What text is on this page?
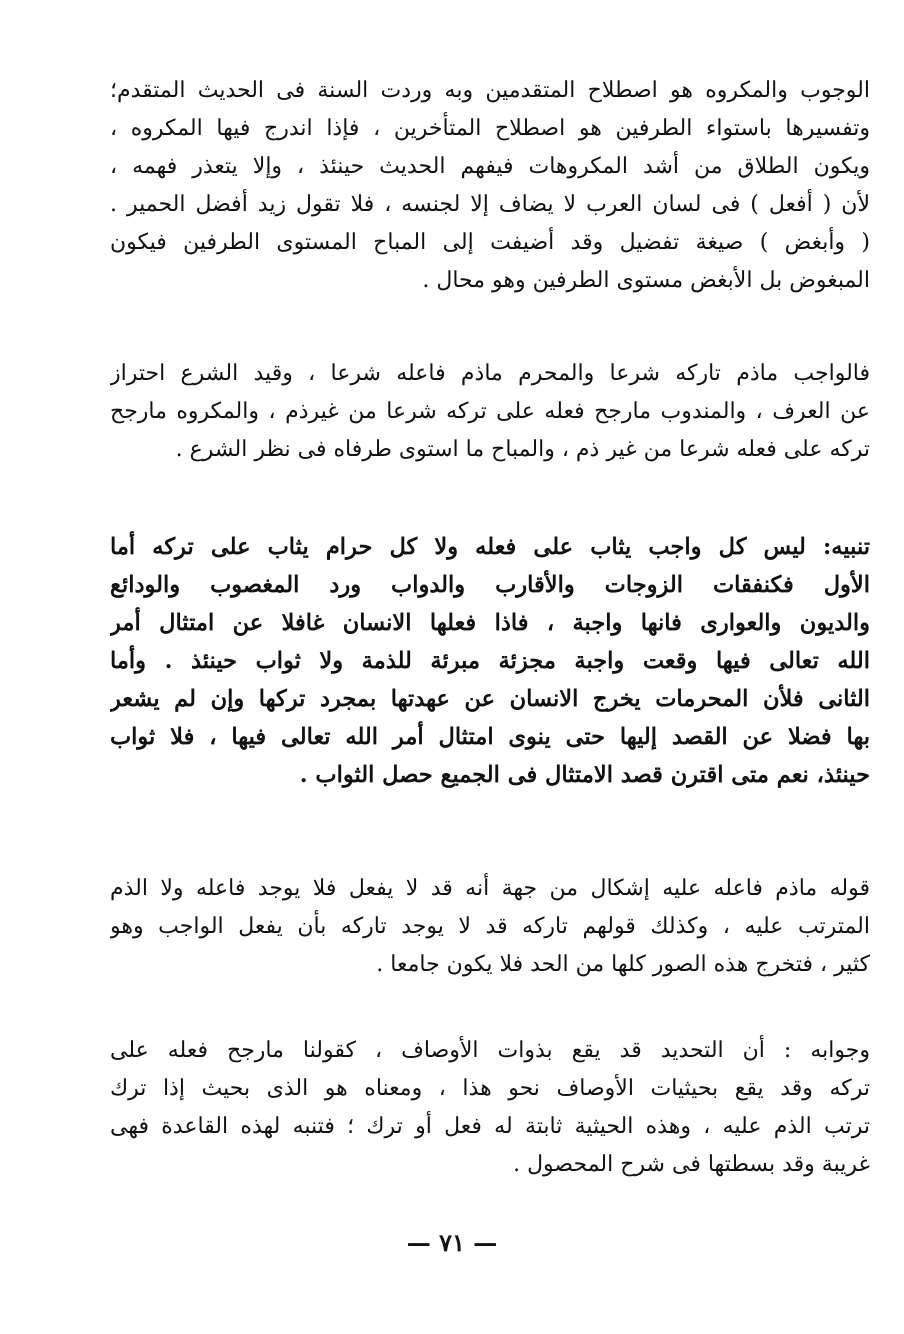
الوجوب والمكروه هو اصطلاح المتقدمين وبه وردت السنة فى الحديث المتقدم؛
وتفسيرها باستواء الطرفين هو اصطلاح المتأخرين ، فإذا اندرج فيها المكروه ،
ويكون الطلاق من أشد المكروهات فيفهم الحديث حينئذ ، وإلا يتعذر فهمه ،
لأن ( أفعل ) فى لسان العرب لا يضاف إلا لجنسه ، فلا تقول زيد أفضل الحمير .
( وأبغض ) صيغة تفضيل وقد أضيفت إلى المباح المستوى الطرفين فيكون
المبغوض بل الأبغض مستوى الطرفين وهو محال .
فالواجب ماذم تاركه شرعا والمحرم ماذم فاعله شرعا ، وقيد الشرع احتراز
عن العرف ، والمندوب مارجح فعله على تركه شرعا من غيرذم ، والمكروه مارجح
تركه على فعله شرعا من غير ذم ، والمباح ما استوى طرفاه فى نظر الشرع .
تنبيه: ليس كل واجب يثاب على فعله ولا كل حرام يثاب على تركه أما
الأول فكنفقات الزوجات والأقارب والدواب ورد المغصوب والودائع
والديون والعوارى فانها واجبة ، فاذا فعلها الانسان غافلا عن امتثال أمر
الله تعالى فيها وقعت واجبة مجزئة مبرئة للذمة ولا ثواب حينئذ . وأما
الثانى فلأن المحرمات يخرج الانسان عن عهدتها بمجرد تركها وإن لم يشعر
بها فضلا عن القصد إليها حتى ينوى امتثال أمر الله تعالى فيها ، فلا ثواب
حينئذ، نعم متى اقترن قصد الامتثال فى الجميع حصل الثواب .
قوله ماذم فاعله عليه إشكال من جهة أنه قد لا يفعل فلا يوجد فاعله ولا الذم
المترتب عليه ، وكذلك قولهم تاركه قد لا يوجد تاركه بأن يفعل الواجب وهو
كثير ، فتخرج هذه الصور كلها من الحد فلا يكون جامعا .
وجوابه : أن التحديد قد يقع بذوات الأوصاف ، كقولنا مارجح فعله على
تركه وقد يقع بحيثيات الأوصاف نحو هذا ، ومعناه هو الذى بحيث إذا ترك
ترتب الذم عليه ، وهذه الحيثية ثابتة له فعل أو ترك ؛ فتنبه لهذه القاعدة فهى
غريبة وقد بسطتها فى شرح المحصول .
— ٧١ —
